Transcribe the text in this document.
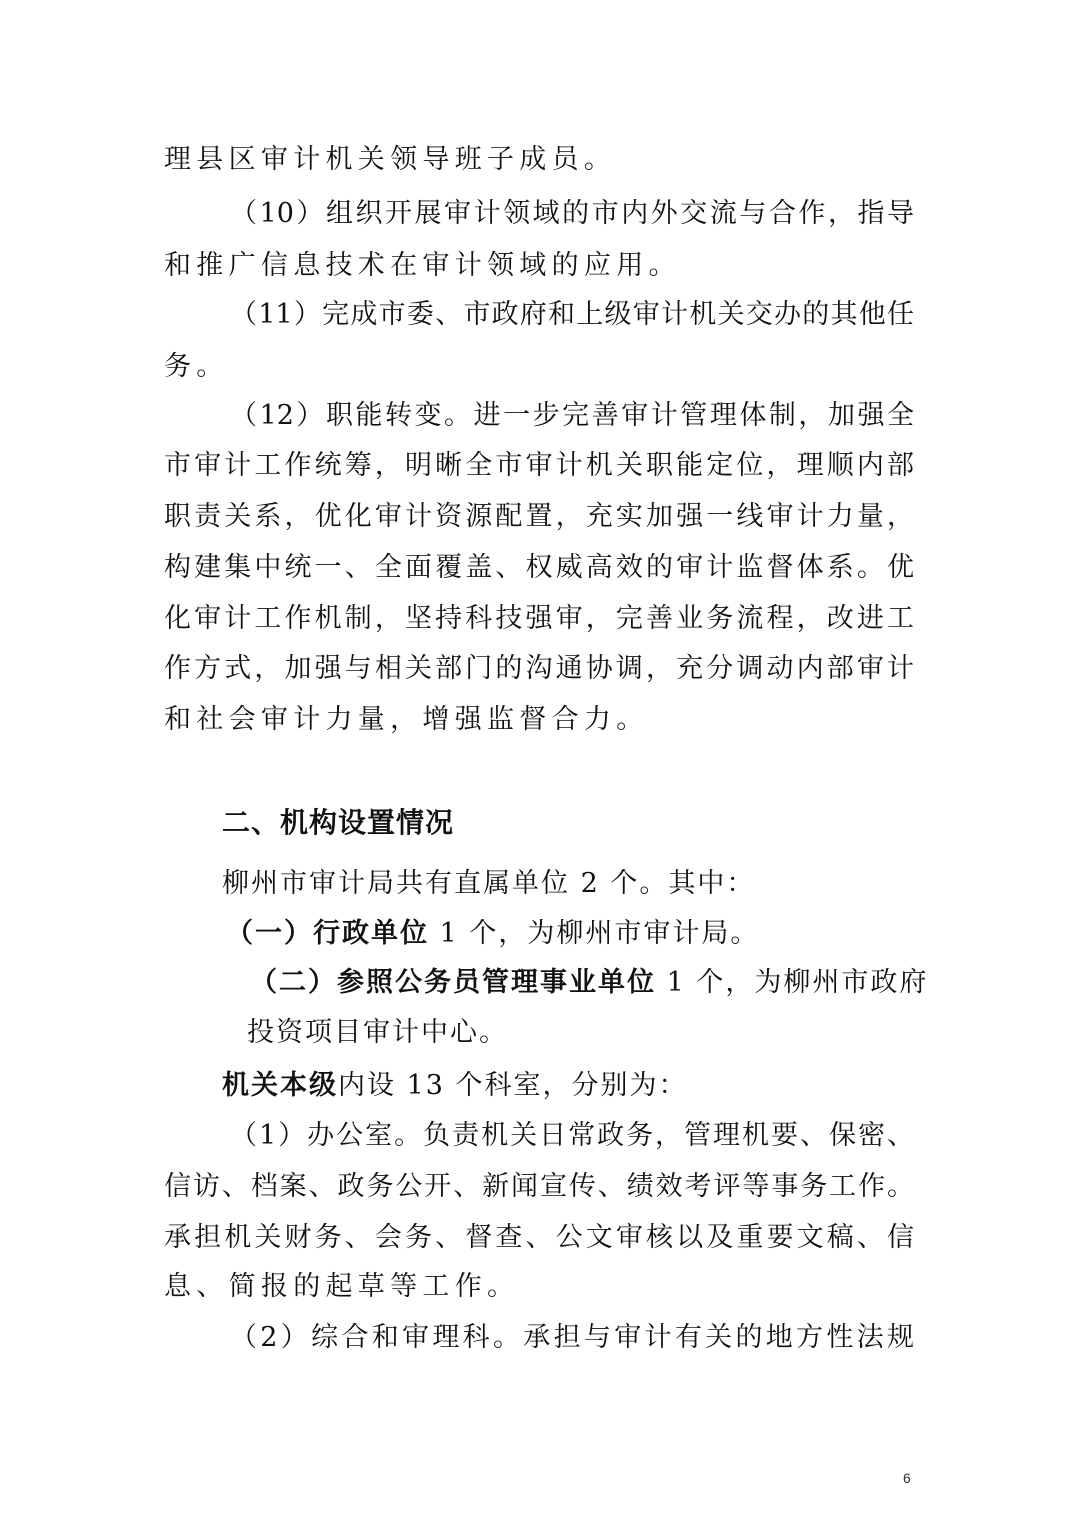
理县区审计机关领导班子成员。
（10）组织开展审计领域的市内外交流与合作，指导
和推广信息技术在审计领域的应用。
（11）完成市委、市政府和上级审计机关交办的其他任
务。
（12）职能转变。进一步完善审计管理体制，加强全
市审计工作统筹，明晰全市审计机关职能定位，理顺内部
职责关系，优化审计资源配置，充实加强一线审计力量，
构建集中统一、全面覆盖、权威高效的审计监督体系。优
化审计工作机制，坚持科技强审，完善业务流程，改进工
作方式，加强与相关部门的沟通协调，充分调动内部审计
和社会审计力量，增强监督合力。
二、机构设置情况
柳州市审计局共有直属单位 2 个。其中：
（一）行政单位 1 个，为柳州市审计局。
（二）参照公务员管理事业单位 1 个，为柳州市政府
投资项目审计中心。
机关本级内设 13 个科室，分别为：
（1）办公室。负责机关日常政务，管理机要、保密、
信访、档案、政务公开、新闻宣传、绩效考评等事务工作。
承担机关财务、会务、督查、公文审核以及重要文稿、信
息、简报的起草等工作。
（2）综合和审理科。承担与审计有关的地方性法规
6
